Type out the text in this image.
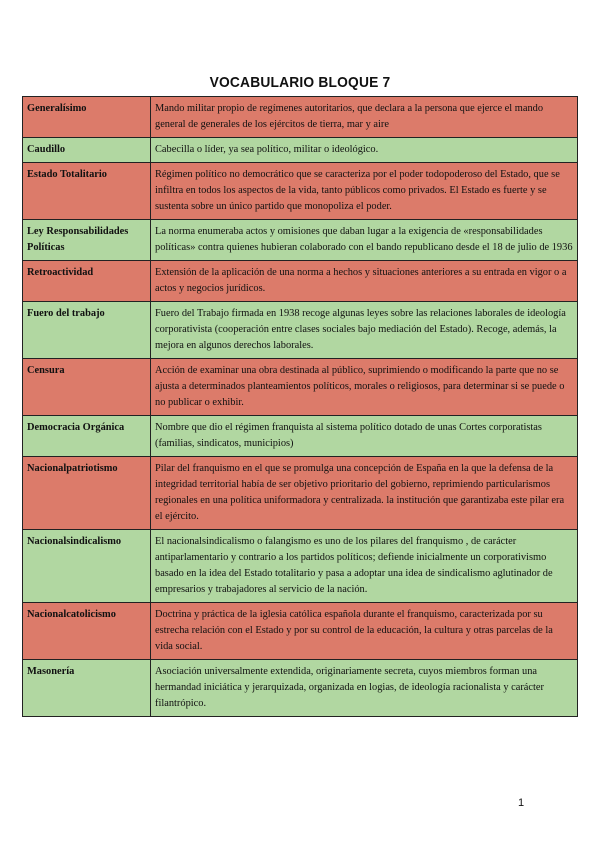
VOCABULARIO BLOQUE 7
Generalísimo	Mando militar propio de regímenes autoritarios, que declara a la persona que ejerce el mando general de generales de los ejércitos de tierra, mar y aire
Caudillo	Cabecilla o líder, ya sea político, militar o ideológico.
Estado Totalitario	Régimen político no democrático que se caracteriza por el poder todopoderoso del Estado, que se infiltra en todos los aspectos de la vida, tanto públicos como privados. El Estado es fuerte y se sustenta sobre un único partido que monopoliza el poder.
Ley Responsabilidades Políticas	La norma enumeraba actos y omisiones que daban lugar a la exigencia de «responsabilidades políticas» contra quienes hubieran colaborado con el bando republicano desde el 18 de julio de 1936
Retroactividad	Extensión de la aplicación de una norma a hechos y situaciones anteriores a su entrada en vigor o a actos y negocios jurídicos.
Fuero del trabajo	Fuero del Trabajo firmada en 1938 recoge algunas leyes sobre las relaciones laborales de ideología corporativista (cooperación entre clases sociales bajo mediación del Estado). Recoge, además, la mejora en algunos derechos laborales.
Censura	Acción de examinar una obra destinada al público, suprimiendo o modificando la parte que no se ajusta a determinados planteamientos políticos, morales o religiosos, para determinar si se puede o no publicar o exhibir.
Democracia Orgánica	Nombre que dio el régimen franquista al sistema político dotado de unas Cortes corporatistas (familias, sindicatos, municipios)
Nacionalpatriotismo	Pilar del franquismo en el que se promulga una concepción de España en la que la defensa de la integridad territorial había de ser objetivo prioritario del gobierno, reprimiendo particularismos regionales en una política uniformadora y centralizada. la institución que garantizaba este pilar era el ejército.
Nacionalsindicalismo	El nacionalsindicalismo o falangismo es uno de los pilares del franquismo , de carácter antiparlamentario y contrario a los partidos políticos; defiende inicialmente un corporativismo basado en la idea del Estado totalitario y pasa a adoptar una idea de sindicalismo aglutinador de empresarios y trabajadores al servicio de la nación.
Nacionalcatolicismo	Doctrina y práctica de la iglesia católica española durante el franquismo, caracterizada por su estrecha relación con el Estado y por su control de la educación, la cultura y otras parcelas de la vida social.
Masonería	Asociación universalmente extendida, originariamente secreta, cuyos miembros forman una hermandad iniciática y jerarquizada, organizada en logias, de ideología racionalista y carácter filantrópico.
1
